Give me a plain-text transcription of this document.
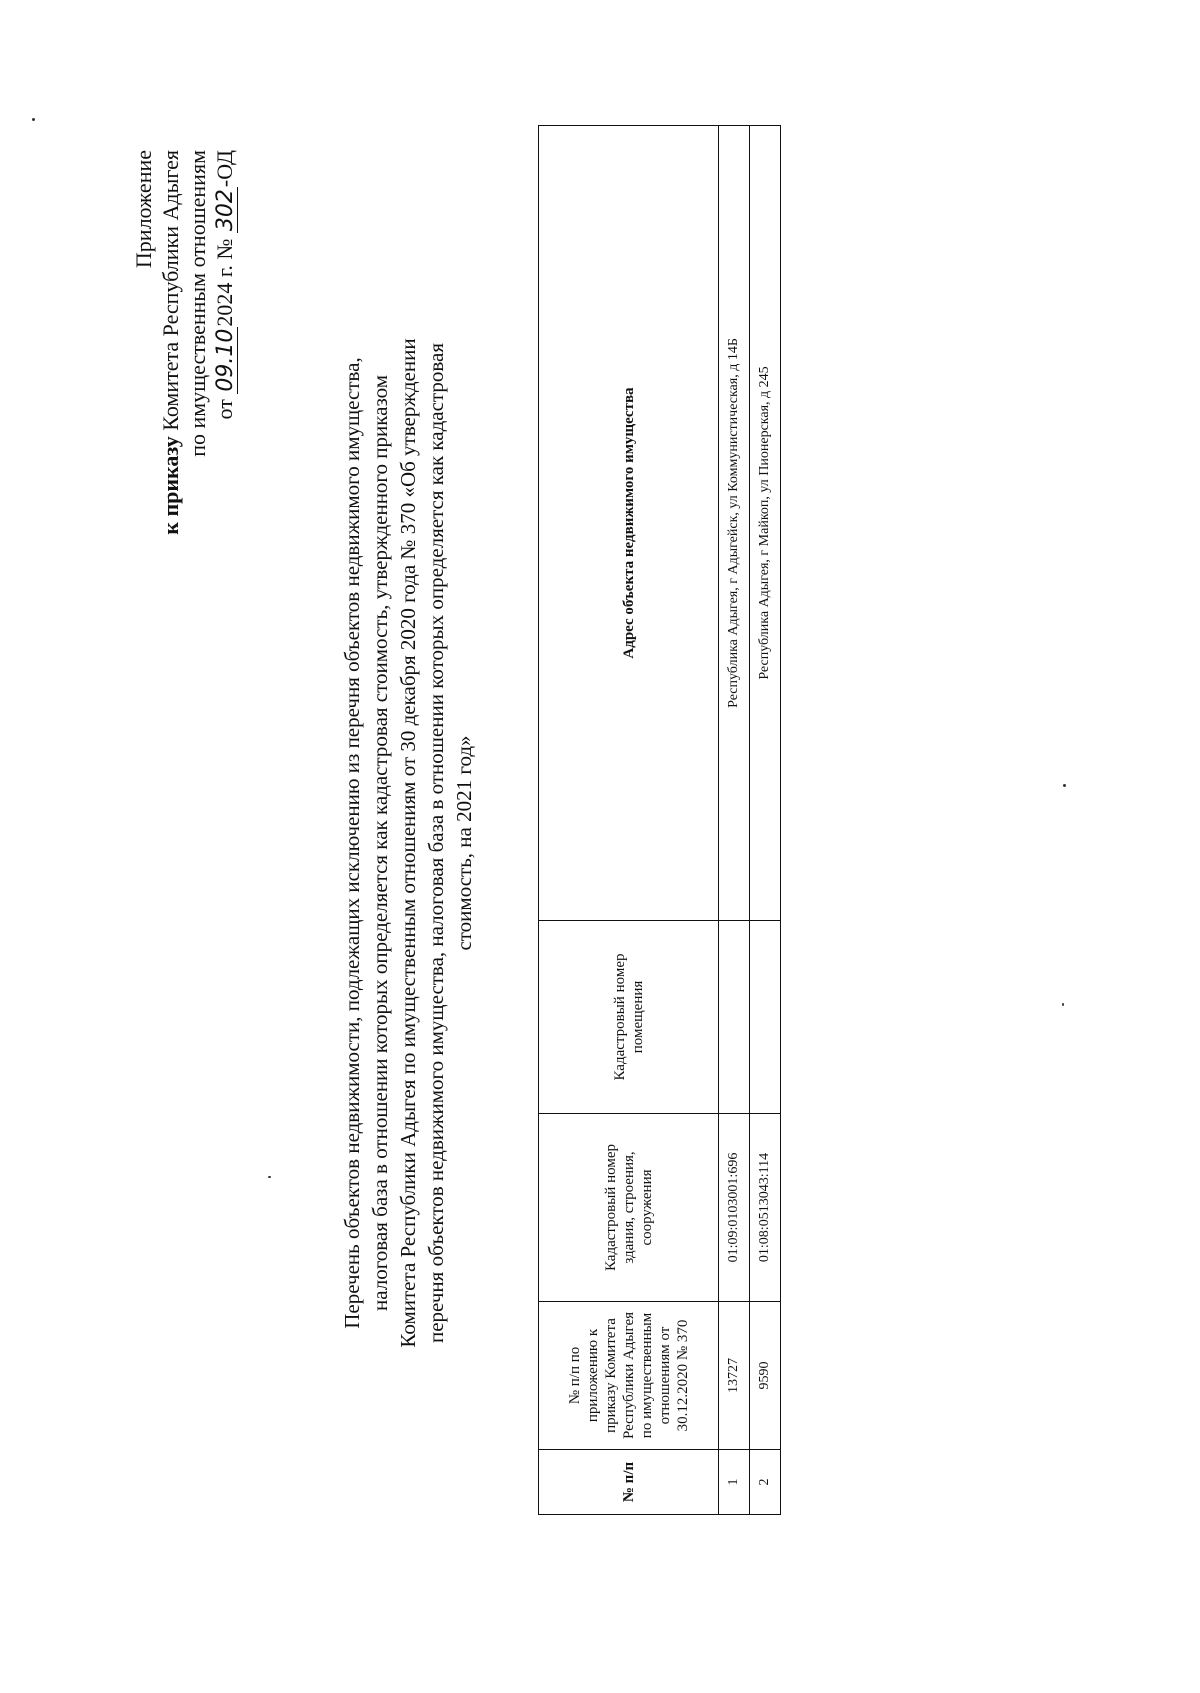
Приложение
к приказу Комитета Республики Адыгея по имущественным отношениям от 09.102024 г. № 302-ОД
Перечень объектов недвижимости, подлежащих исключению из перечня объектов недвижимого имущества, налоговая база в отношении которых определяется как кадастровая стоимость, утвержденного приказом Комитета Республики Адыгея по имущественным отношениям от 30 декабря 2020 года № 370 «Об утверждении перечня объектов недвижимого имущества, налоговая база в отношении которых определяется как кадастровая стоимость, на 2021 год»
№ п/п	№ п/п по приложению к приказу Комитета Республики Адыгея по имущественным отношениям от 30.12.2020 № 370	Кадастровый номер здания, строения, сооружения	Кадастровый номер помещения	Адрес объекта недвижимого имущества
1	13727	01:09:0103001:696		Республика Адыгея, г Адыгейск, ул Коммунистическая, д 14Б
2	9590	01:08:0513043:114		Республика Адыгея, г Майкоп, ул Пионерская, д 245
